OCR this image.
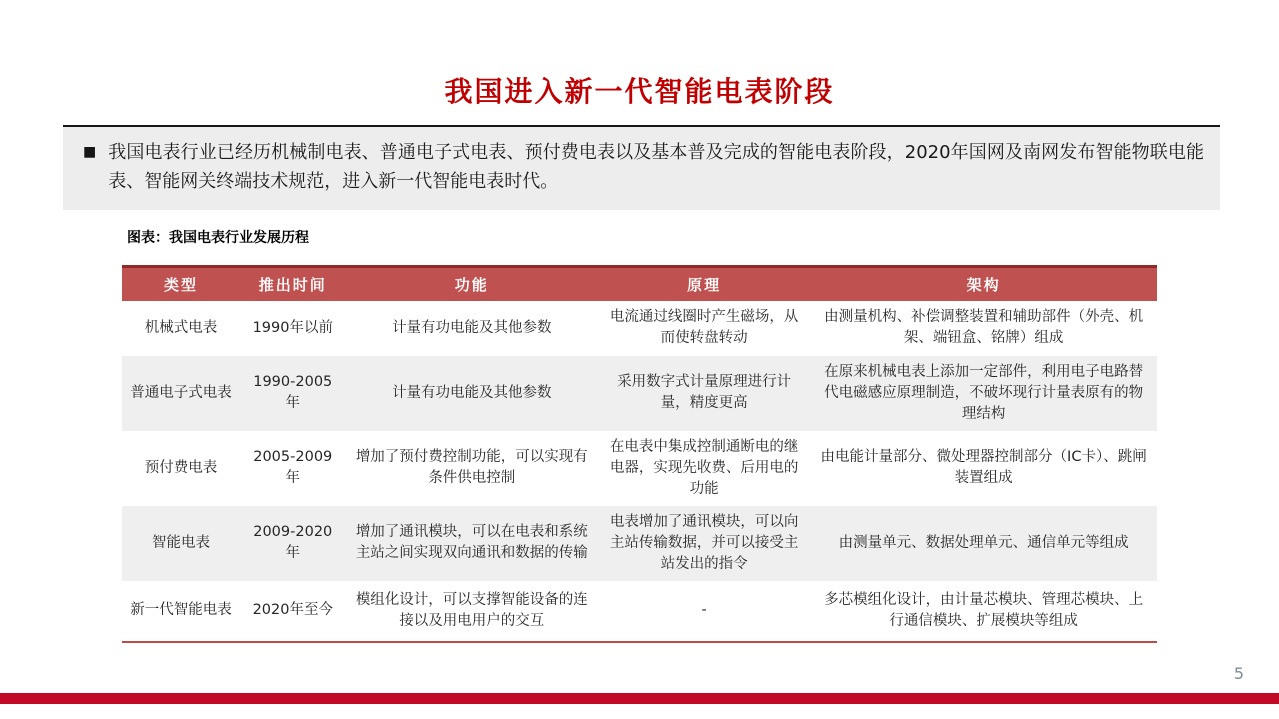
我国进入新一代智能电表阶段
■ 我国电表行业已经历机械制电表、普通电子式电表、预付费电表以及基本普及完成的智能电表阶段，2020年国网及南网发布智能物联电能表、智能网关终端技术规范，进入新一代智能电表时代。

图表：我国电表行业发展历程
类型	推出时间	功能	原理	架构
机械式电表	1990年以前	计量有功电能及其他参数	电流通过线圈时产生磁场，从而使转盘转动	由测量机构、补偿调整装置和辅助部件（外壳、机架、端钮盒、铭牌）组成
普通电子式电表	1990-2005年	计量有功电能及其他参数	采用数字式计量原理进行计量，精度更高	在原来机械电表上添加一定部件，利用电子电路替代电磁感应原理制造，不破坏现行计量表原有的物理结构
预付费电表	2005-2009年	增加了预付费控制功能，可以实现有条件供电控制	在电表中集成控制通断电的继电器，实现先收费、后用电的功能	由电能计量部分、微处理器控制部分（IC卡）、跳闸装置组成
智能电表	2009-2020年	增加了通讯模块，可以在电表和系统主站之间实现双向通讯和数据的传输	电表增加了通讯模块，可以向主站传输数据，并可以接受主站发出的指令	由测量单元、数据处理单元、通信单元等组成
新一代智能电表	2020年至今	模组化设计，可以支撑智能设备的连接以及用电用户的交互	-	多芯模组化设计，由计量芯模块、管理芯模块、上行通信模块、扩展模块等组成
5
